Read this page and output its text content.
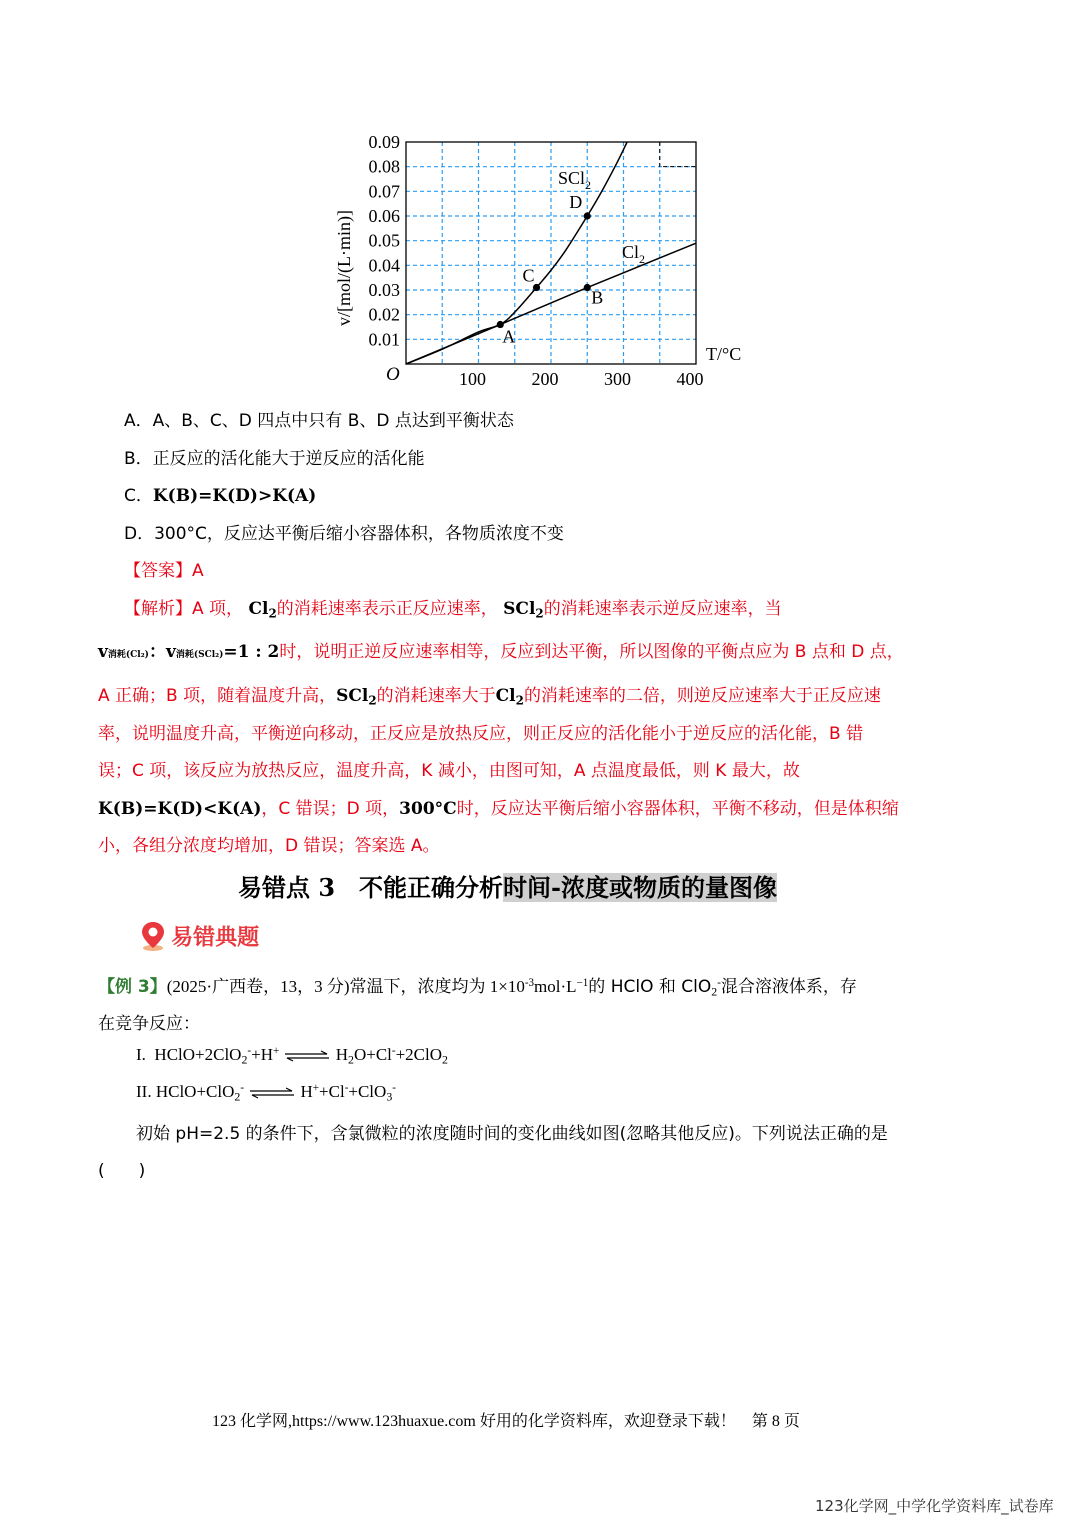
0.01
0.02
0.03
0.04
0.05
0.06
0.07
0.08
0.09
100	200	300	400
A
C
B
D
O
T/°C
v/[mol/(L·min)]
SCl$_2$
$Cl_2$
A．A、B、C、D 四点中只有 B、D 点达到平衡状态
B．正反应的活化能大于逆反应的活化能
C．K(B)=K(D)>K(A)
D．300°C，反应达平衡后缩小容器体积，各物质浓度不变
【答案】A
【解析】A 项， $Cl_2$的消耗速率表示正反应速率， SCl$_2$的消耗速率表示逆反应速率，当
v消耗(Cl₂)：v消耗(SCl₂)=1 : 2时，说明正逆反应速率相等，反应到达平衡，所以图像的平衡点应为 B 点和 D 点，
A 正确；B 项，随着温度升高，SCl$_2$的消耗速率大于$Cl_2$的消耗速率的二倍，则逆反应速率大于正反应速
率，说明温度升高，平衡逆向移动，正反应是放热反应，则正反应的活化能小于逆反应的活化能，B 错
误；C 项，该反应为放热反应，温度升高，K 减小，由图可知，A 点温度最低，则 K 最大，故
K(B)=K(D)<K(A)，C 错误；D 项，300°C时，反应达平衡后缩小容器体积，平衡不移动，但是体积缩
小，各组分浓度均增加，D 错误；答案选 A。
易错点 3　不能正确分析时间-浓度或物质的量图像
易错典题
【例 3】(2025·广西卷，13，3 分)常温下，浓度均为 $1\times 10^{-3}mol\cdot L^{-1}$的 HClO 和 ClO$_2$-混合溶液体系，存
在竞争反应：
I. HClO+2ClO$_2$-+H+ ⇌ $H_2O+Cl^-+2ClO_2$
II. HClO+ClO$_2$- ⇌ H++Cl-+ClO$_3$-
初始 pH=2.5 的条件下，含氯微粒的浓度随时间的变化曲线如图(忽略其他反应)。下列说法正确的是
(　　)
123 化学网,https://www.123huaxue.com 好用的化学资料库，欢迎登录下载！　第 8 页
123化学网_中学化学资料库_试卷库
